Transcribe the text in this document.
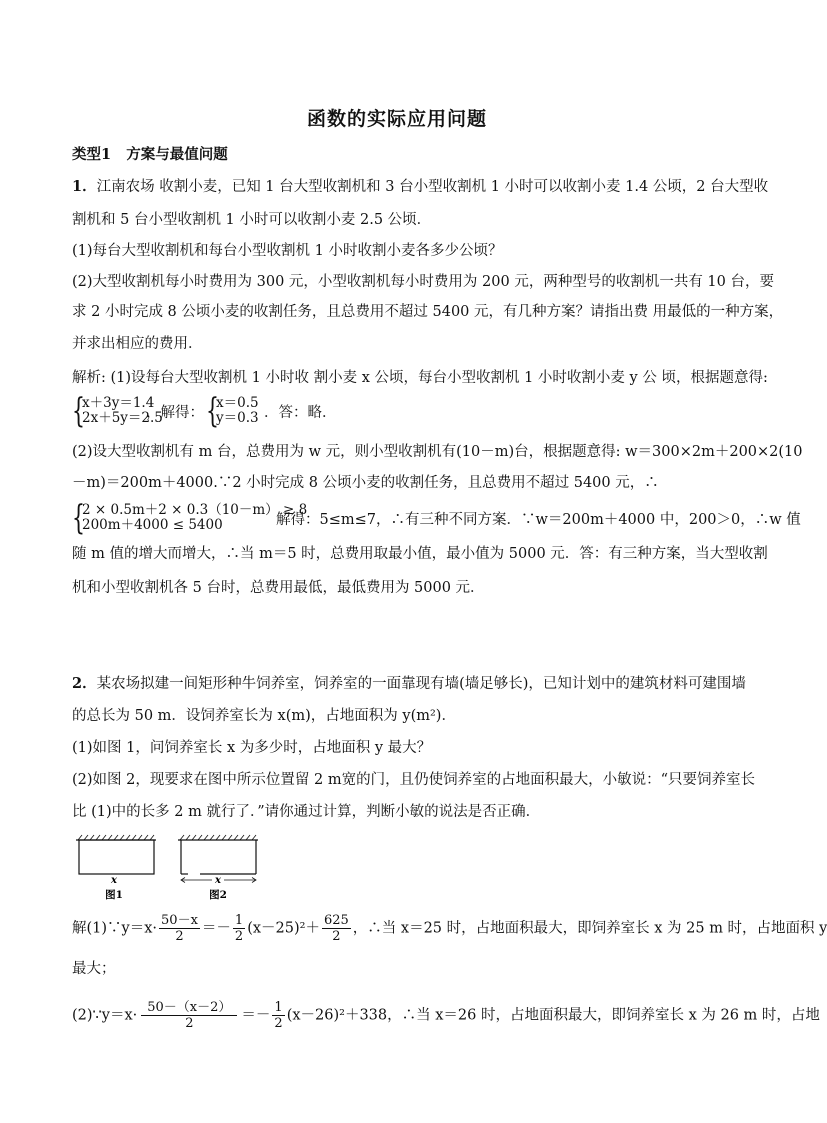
函数的实际应用问题
类型1 方案与最值问题
1．江南农场 收割小麦，已知 1 台大型收割机和 3 台小型收割机 1 小时可以收割小麦 1.4 公顷，2 台大型收
割机和 5 台小型收割机 1 小时可以收割小麦 2.5 公顷．
(1)每台大型收割机和每台小型收割机 1 小时收割小麦各多少公顷？
(2)大型收割机每小时费用为 300 元，小型收割机每小时费用为 200 元，两种型号的收割机一共有 10 台，要
求 2 小时完成 8 公顷小麦的收割任务，且总费用不超过 5400 元，有几种方案？请指出费 用最低的一种方案，
并求出相应的费用．
解析: (1)设每台大型收割机 1 小时收 割小麦 x 公顷，每台小型收割机 1 小时收割小麦 y 公 顷，根据题意得:
{
x＋3y＝1.4
2x＋5y＝2.5
，解得： {
x＝0.5
y＝0.3 ．答：略．
(2)设大型收割机有 m 台，总费用为 w 元，则小型收割机有(10－m)台，根据题意得: w＝300×2m＋200×2(10
－m)＝200m＋4000.∵2 小时完成 8 公顷小麦的收割任务，且总费用不超过 5400 元，∴
{
2 × 0.5m＋2 × 0.3（10－m） ≥ 8
200m＋4000 ≤ 5400	解得：5≤m≤7，∴有三种不同方案．∵w＝200m＋4000 中，200＞0，∴w 值
随 m 值的增大而增大，∴当 m＝5 时，总费用取最小值，最小值为 5000 元．答：有三种方案，当大型收割
机和小型收割机各 5 台时，总费用最低，最低费用为 5000 元．
2．某农场拟建一间矩形种牛饲养室，饲养室的一面靠现有墙(墙足够长)，已知计划中的建筑材料可建围墙
的总长为 50 m．设饲养室长为 x(m)，占地面积为 y(m²)．
(1)如图 1，问饲养室长 x 为多少时，占地面积 y 最大？
(2)如图 2，现要求在图中所示位置留 2 m宽的门，且仍使饲养室的占地面积最大，小敏说：“只要饲养室长
比 (1)中的长多 2 m 就行了．”请你通过计算，判断小敏的说法是否正确．
x
图1
x
图2
解(1)∵y＝x· $\frac{50-x}{2} =- \frac{1}{2} (x-25)^2+ \frac{625}{2}$ ，∴当 x＝25 时，占地面积最大，即饲养室长 x 为 25 m 时，占地面积 y
最大；
(2)∵y＝x· $\frac{50-(x-2)}{2} =- \frac{1}{2} (x-26)^2+338$，∴当 x＝26 时，占地面积最大，即饲养室长 x 为 26 m 时，占地
